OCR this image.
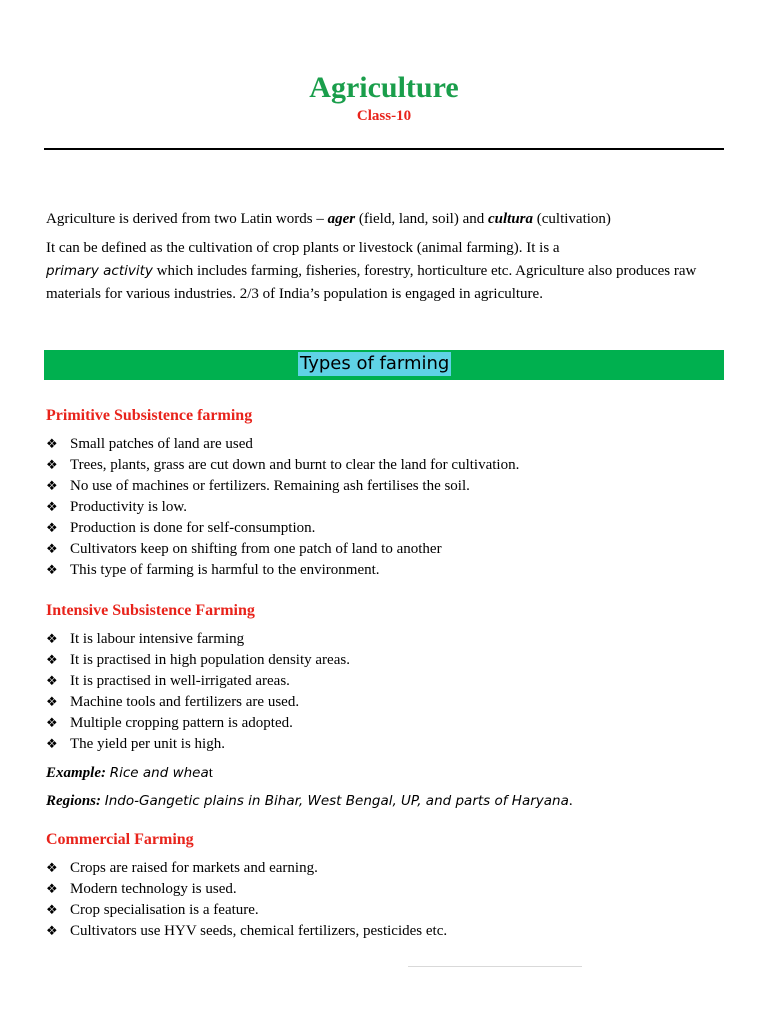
Agriculture
Class-10
Agriculture is derived from two Latin words – ager (field, land, soil) and cultura (cultivation)
It can be defined as the cultivation of crop plants or livestock (animal farming). It is a
primary activity which includes farming, fisheries, forestry, horticulture etc. Agriculture also produces raw materials for various industries. 2/3 of India’s population is engaged in agriculture.
Types of farming
Primitive Subsistence farming
❖ Small patches of land are used
❖ Trees, plants, grass are cut down and burnt to clear the land for cultivation.
❖ No use of machines or fertilizers. Remaining ash fertilises the soil.
❖ Productivity is low.
❖ Production is done for self-consumption.
❖ Cultivators keep on shifting from one patch of land to another
❖ This type of farming is harmful to the environment.
Intensive Subsistence Farming
❖ It is labour intensive farming
❖ It is practised in high population density areas.
❖ It is practised in well-irrigated areas.
❖ Machine tools and fertilizers are used.
❖ Multiple cropping pattern is adopted.
❖ The yield per unit is high.
Example: Rice and wheat
Regions: Indo-Gangetic plains in Bihar, West Bengal, UP, and parts of Haryana.
Commercial Farming
❖ Crops are raised for markets and earning.
❖ Modern technology is used.
❖ Crop specialisation is a feature.
❖ Cultivators use HYV seeds, chemical fertilizers, pesticides etc.
